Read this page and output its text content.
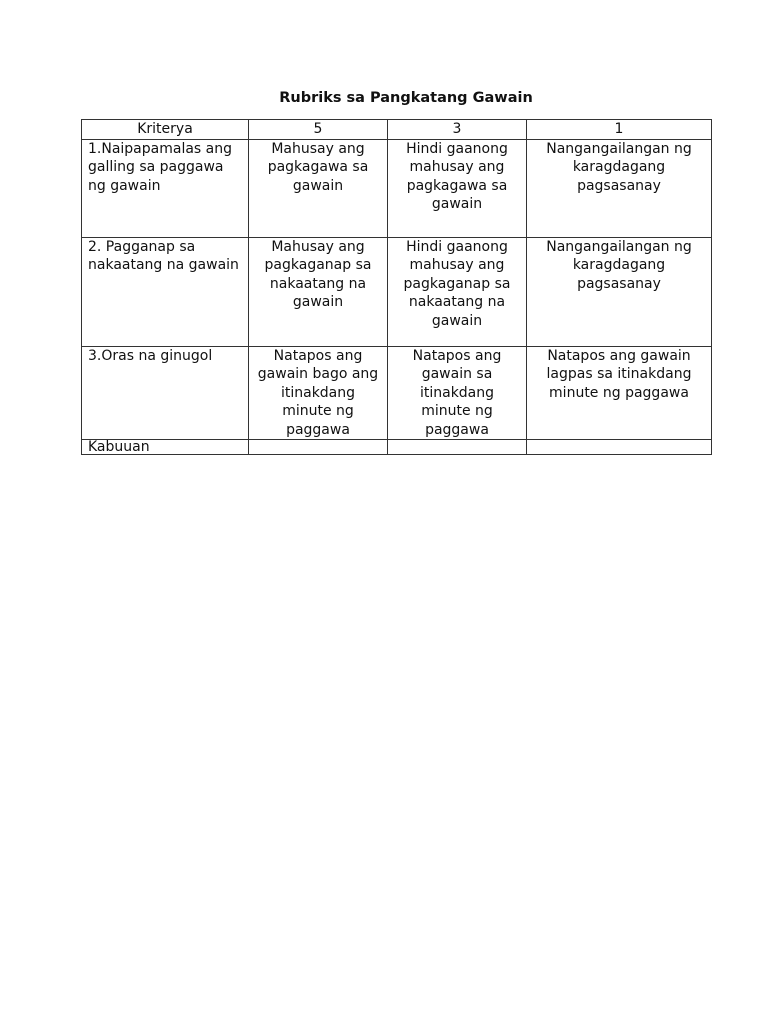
Rubriks sa Pangkatang Gawain
Kriterya	5	3	1
1.Naipapamalas ang galling sa paggawa ng gawain	Mahusay ang pagkagawa sa gawain	Hindi gaanong mahusay ang pagkagawa sa gawain	Nangangailangan ng karagdagang pagsasanay
2. Pagganap sa nakaatang na gawain	Mahusay ang pagkaganap sa nakaatang na gawain	Hindi gaanong mahusay ang pagkaganap sa nakaatang na gawain	Nangangailangan ng karagdagang pagsasanay
3.Oras na ginugol	Natapos ang gawain bago ang itinakdang minute ng paggawa	Natapos ang gawain sa itinakdang minute ng paggawa	Natapos ang gawain lagpas sa itinakdang minute ng paggawa
Kabuuan			
